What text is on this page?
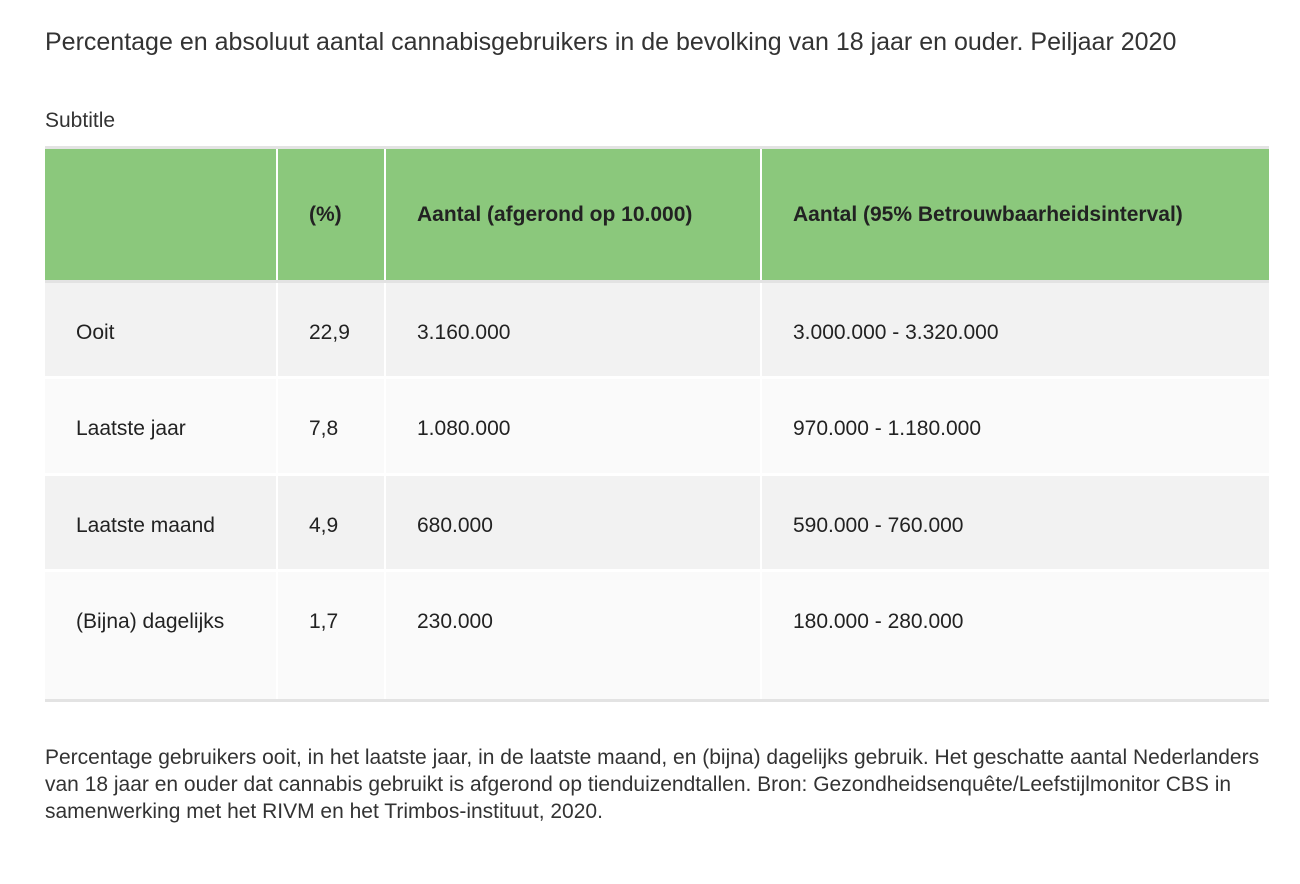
Percentage en absoluut aantal cannabisgebruikers in de bevolking van 18 jaar en ouder. Peiljaar 2020
Subtitle
	(%)	Aantal (afgerond op 10.000)	Aantal (95% Betrouwbaarheidsinterval)
Ooit	22,9	3.160.000	3.000.000 - 3.320.000
Laatste jaar	7,8	1.080.000	970.000 - 1.180.000
Laatste maand	4,9	680.000	590.000 - 760.000
(Bijna) dagelijks	1,7	230.000	180.000 - 280.000

Percentage gebruikers ooit, in het laatste jaar, in de laatste maand, en (bijna) dagelijks gebruik. Het geschatte aantal Nederlanders van 18 jaar en ouder dat cannabis gebruikt is afgerond op tienduizendtallen. Bron: Gezondheidsenquête/Leefstijlmonitor CBS in samenwerking met het RIVM en het Trimbos-instituut, 2020.
